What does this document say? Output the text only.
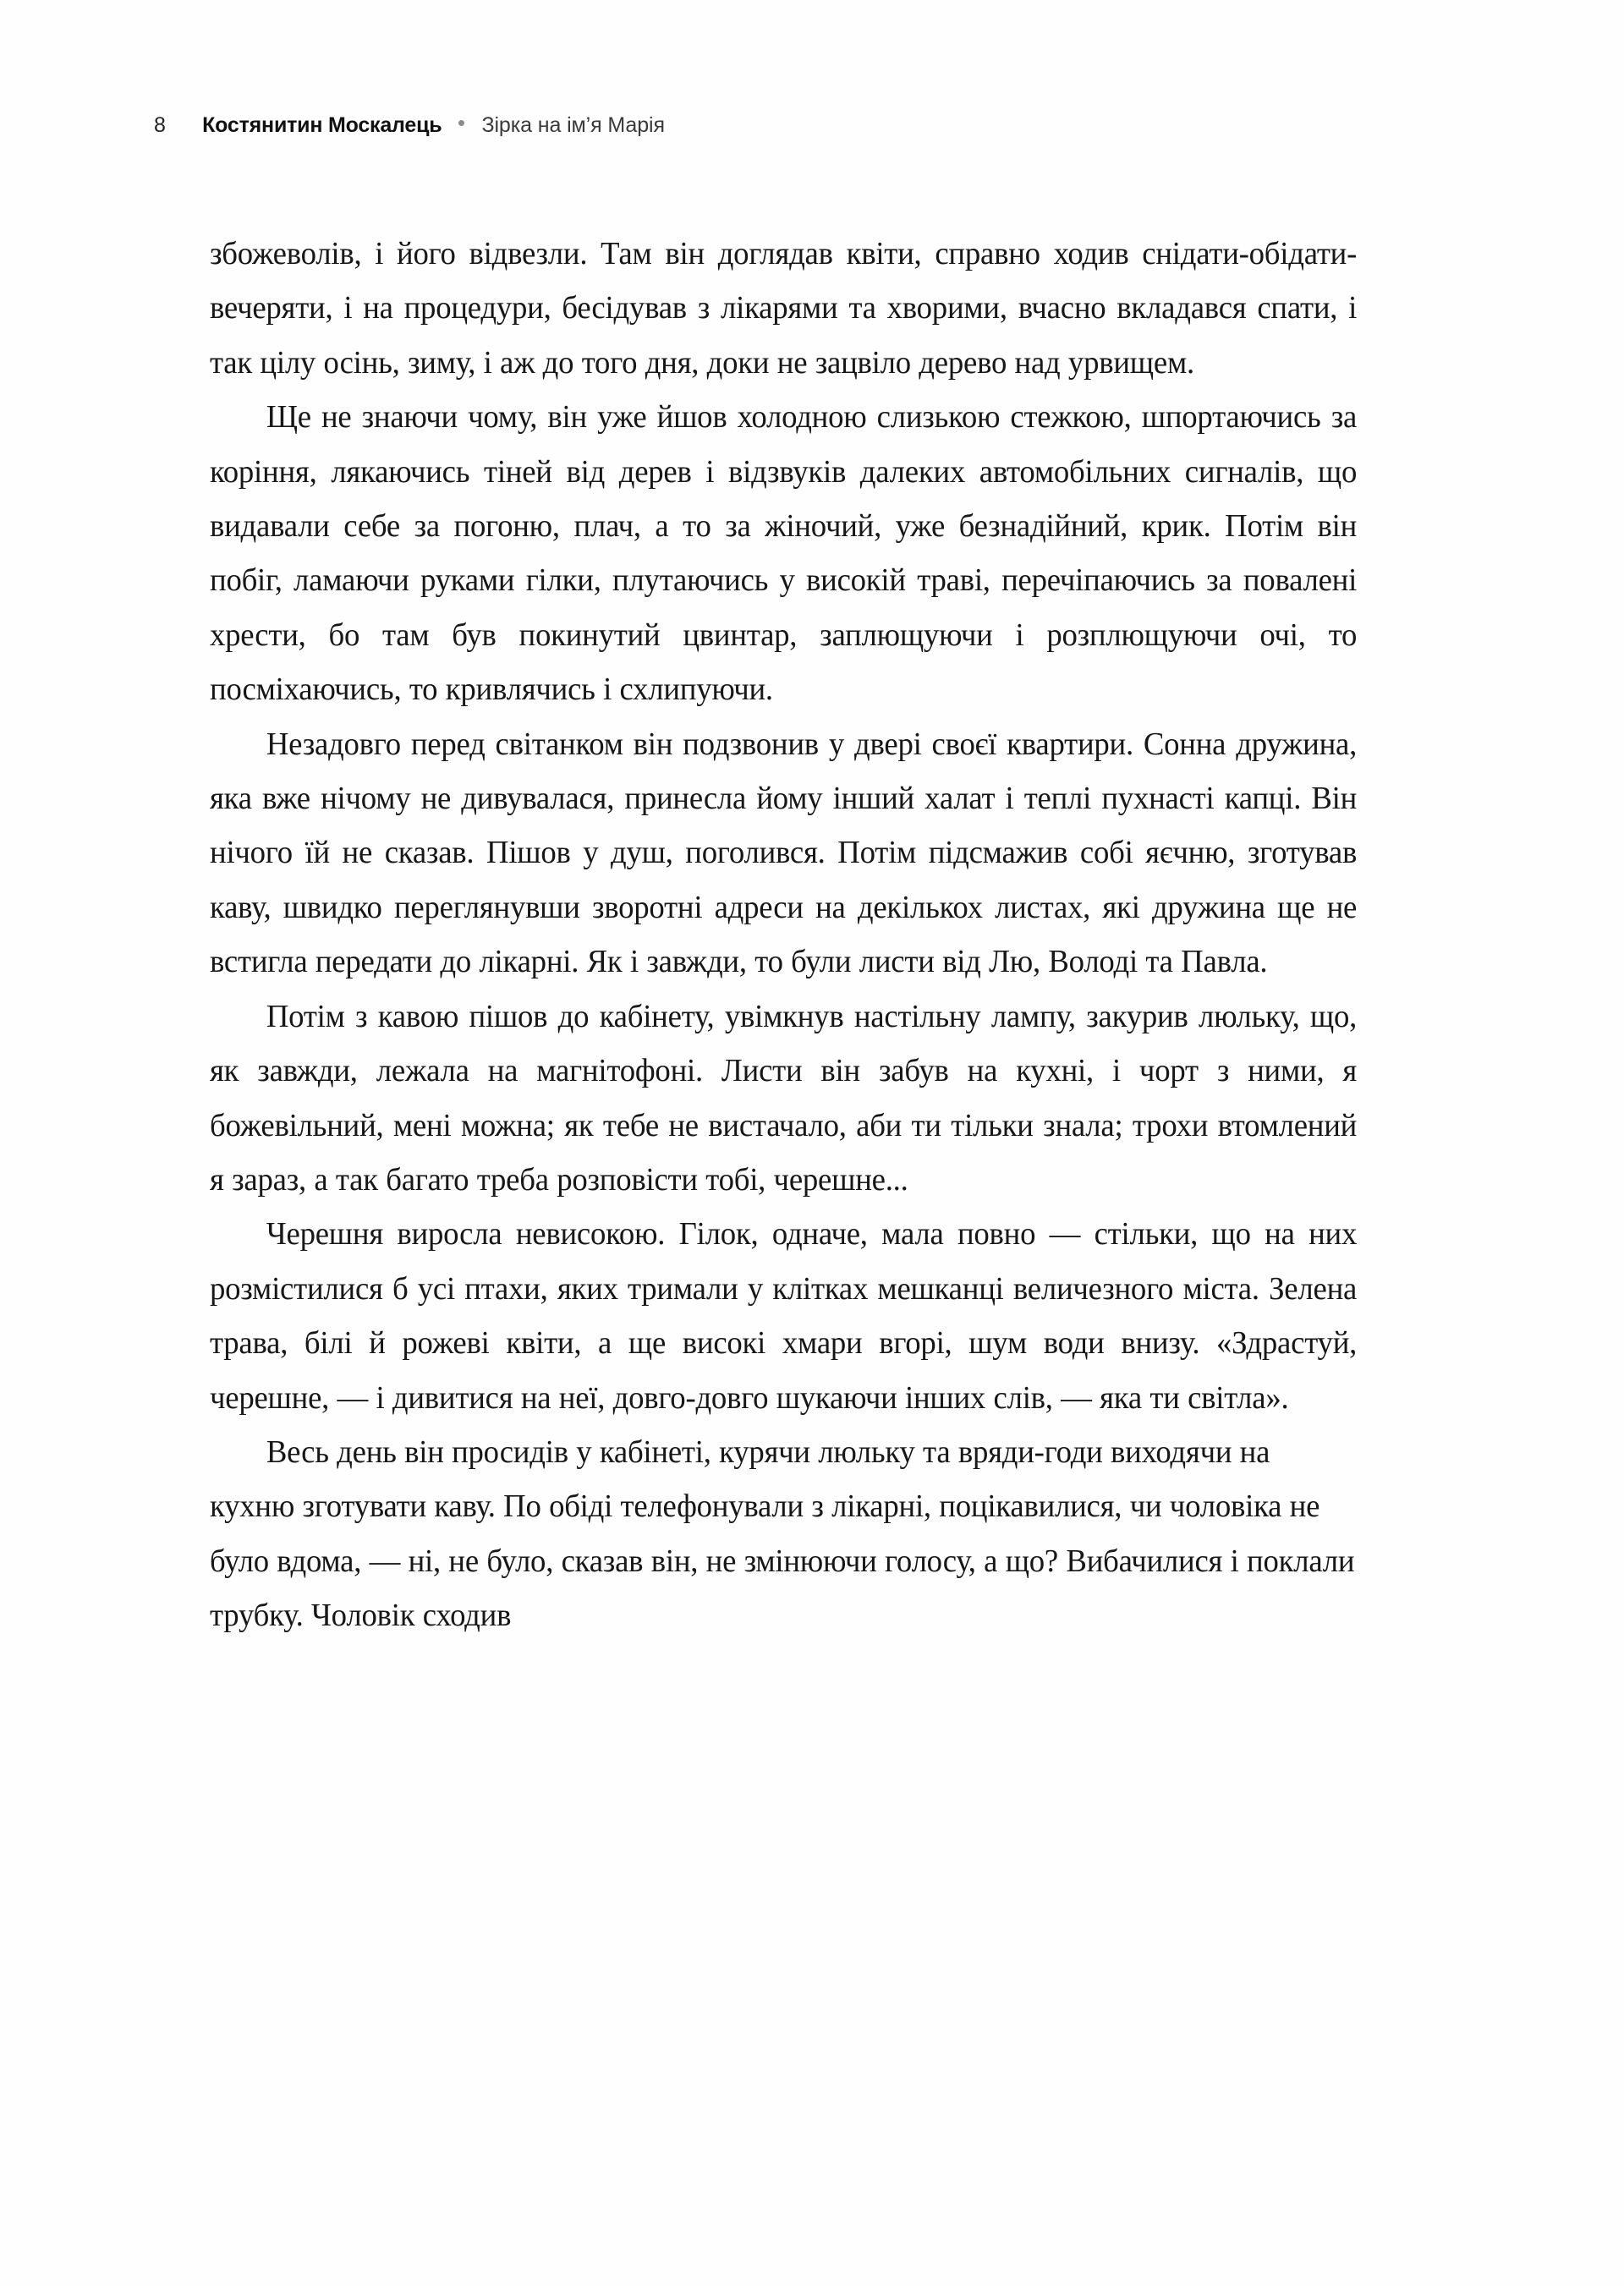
8 Костянитин Москалець Зірка на ім’я Марія

збожеволів, і його відвезли. Там він доглядав квіти, справно ходив снідати-обідати-вечеряти, і на процедури, бесідував з лікарями та хворими, вчасно вкладався спати, і так цілу осінь, зиму, і аж до того дня, доки не зацвіло дерево над урвищем.

Ще не знаючи чому, він уже йшов холодною слизькою стежкою, шпортаючись за коріння, лякаючись тіней від дерев і відзвуків далеких автомобільних сигналів, що видавали себе за погоню, плач, а то за жіночий, уже безнадійний, крик. Потім він побіг, ламаючи руками гілки, плутаючись у високій траві, перечіпаючись за повалені хрести, бо там був покинутий цвинтар, заплющуючи і розплющуючи очі, то посміхаючись, то кривлячись і схлипуючи.

Незадовго перед світанком він подзвонив у двері своєї квартири. Сонна дружина, яка вже нічому не дивувалася, принесла йому інший халат і теплі пухнасті капці. Він нічого їй не сказав. Пішов у душ, поголився. Потім підсмажив собі яєчню, зготував каву, швидко переглянувши зворотні адреси на декількох листах, які дружина ще не встигла передати до лікарні. Як і завжди, то були листи від Лю, Володі та Павла.

Потім з кавою пішов до кабінету, увімкнув настільну лампу, закурив люльку, що, як завжди, лежала на магнітофоні. Листи він забув на кухні, і чорт з ними, я божевільний, мені можна; як тебе не вистачало, аби ти тільки знала; трохи втомлений я зараз, а так багато треба розповісти тобі, черешне...

Черешня виросла невисокою. Гілок, одначе, мала повно — стільки, що на них розмістилися б усі птахи, яких тримали у клітках мешканці величезного міста. Зелена трава, білі й рожеві квіти, а ще високі хмари вгорі, шум води внизу. «Здрастуй, черешне, — і дивитися на неї, довго-довго шукаючи інших слів, — яка ти світла».

Весь день він просидів у кабінеті, курячи люльку та вряди-годи виходячи на кухню зготувати каву. По обіді телефонували з лікарні, поцікавилися, чи чоловіка не було вдома, — ні, не було, сказав він, не змінюючи голосу, а що? Вибачилися і поклали трубку. Чоловік сходив
